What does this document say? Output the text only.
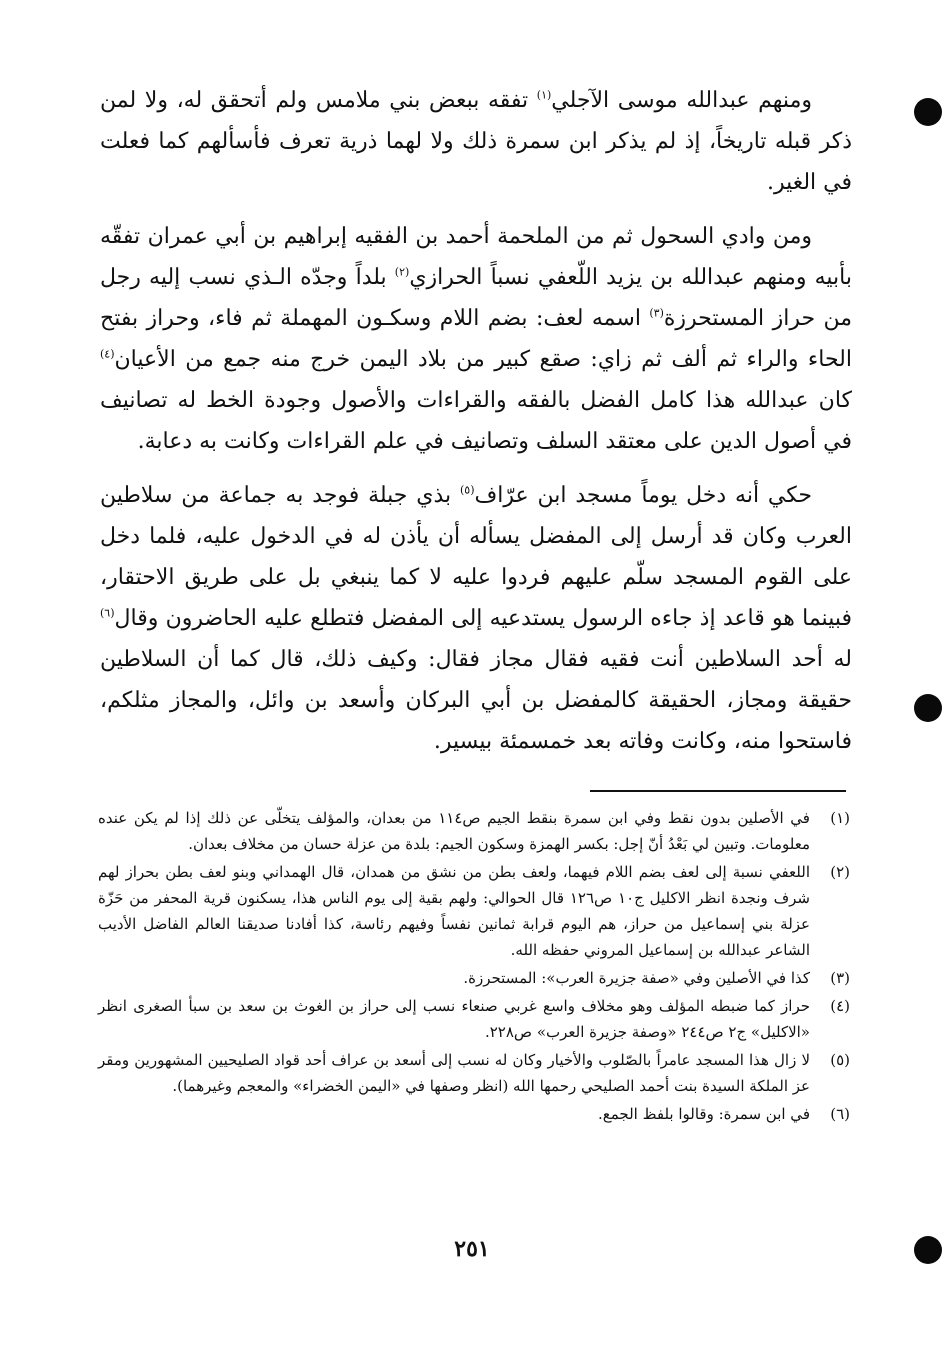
ومنهم عبدالله موسى الآجلي$^{(١)}$ تفقه ببعض بني ملامس ولم أتحقق له، ولا لمن ذكر قبله تاريخاً، إذ لم يذكر ابن سمرة ذلك ولا لهما ذرية تعرف فأسألهم كما فعلت في الغير.

ومن وادي السحول ثم من الملحمة أحمد بن الفقيه إبراهيم بن أبي عمران تفقّه بأبيه ومنهم عبدالله بن يزيد اللّعفي نسباً الحرازي$^{(٢)}$ بلداً وجدّه الـذي نسب إليه رجل من حراز المستحرزة$^{(٣)}$ اسمه لعف: بضم اللام وسكـون المهملة ثم فاء، وحراز بفتح الحاء والراء ثم ألف ثم زاي: صقع كبير من بلاد اليمن خرج منه جمع من الأعيان$^{(٤)}$ كان عبدالله هذا كامل الفضل بالفقه والقراءات والأصول وجودة الخط له تصانيف في أصول الدين على معتقد السلف وتصانيف في علم القراءات وكانت به دعابة.

حكي أنه دخل يوماً مسجد ابن عرّاف$^{(٥)}$ بذي جبلة فوجد به جماعة من سلاطين العرب وكان قد أرسل إلى المفضل يسأله أن يأذن له في الدخول عليه، فلما دخل على القوم المسجد سلّم عليهم فردوا عليه لا كما ينبغي بل على طريق الاحتقار، فبينما هو قاعد إذ جاءه الرسول يستدعيه إلى المفضل فتطلع عليه الحاضرون وقال$^{(٦)}$ له أحد السلاطين أنت فقيه فقال مجاز فقال: وكيف ذلك، قال كما أن السلاطين حقيقة ومجاز، الحقيقة كالمفضل بن أبي البركان وأسعد بن وائل، والمجاز مثلكم، فاستحوا منه، وكانت وفاته بعد خمسمئة بيسير.

(١)
في الأصلين بدون نقط وفي ابن سمرة بنقط الجيم ص١١٤ من بعدان، والمؤلف يتخلّى عن ذلك إذا لم يكن عنده معلومات. وتبين لي بَعْدُ أنّ إجل: بكسر الهمزة وسكون الجيم: بلدة من عزلة حسان من مخلاف بعدان.
(٢)
اللعفي نسبة إلى لعف بضم اللام فيهما، ولعف بطن من نشق من همدان، قال الهمداني وبنو لعف بطن بحراز لهم شرف ونجدة انظر الاكليل ج١٠ ص١٢٦ قال الحوالي: ولهم بقية إلى يوم الناس هذا، يسكنون قرية المحفر من حَزّة عزلة بني إسماعيل من حراز، هم اليوم قرابة ثمانين نفساً وفيهم رئاسة، كذا أفادنا صديقنا العالم الفاضل الأديب الشاعر عبدالله بن إسماعيل المروني حفظه الله.
(٣)
كذا في الأصلين وفي «صفة جزيرة العرب»: المستحرزة.
(٤)
حراز كما ضبطه المؤلف وهو مخلاف واسع غربي صنعاء نسب إلى حراز بن الغوث بن سعد بن سبأ الصغرى انظر «الاكليل» ج٢ ص٢٤٤ «وصفة جزيرة العرب» ص٢٢٨.
(٥)
لا زال هذا المسجد عامراً بالصّلوب والأخيار وكان له نسب إلى أسعد بن عراف أحد قواد الصليحيين المشهورين ومقر عز الملكة السيدة بنت أحمد الصليحي رحمها الله (انظر وصفها في «اليمن الخضراء» والمعجم وغيرهما).
(٦)
في ابن سمرة: وقالوا بلفظ الجمع.
٢٥١
